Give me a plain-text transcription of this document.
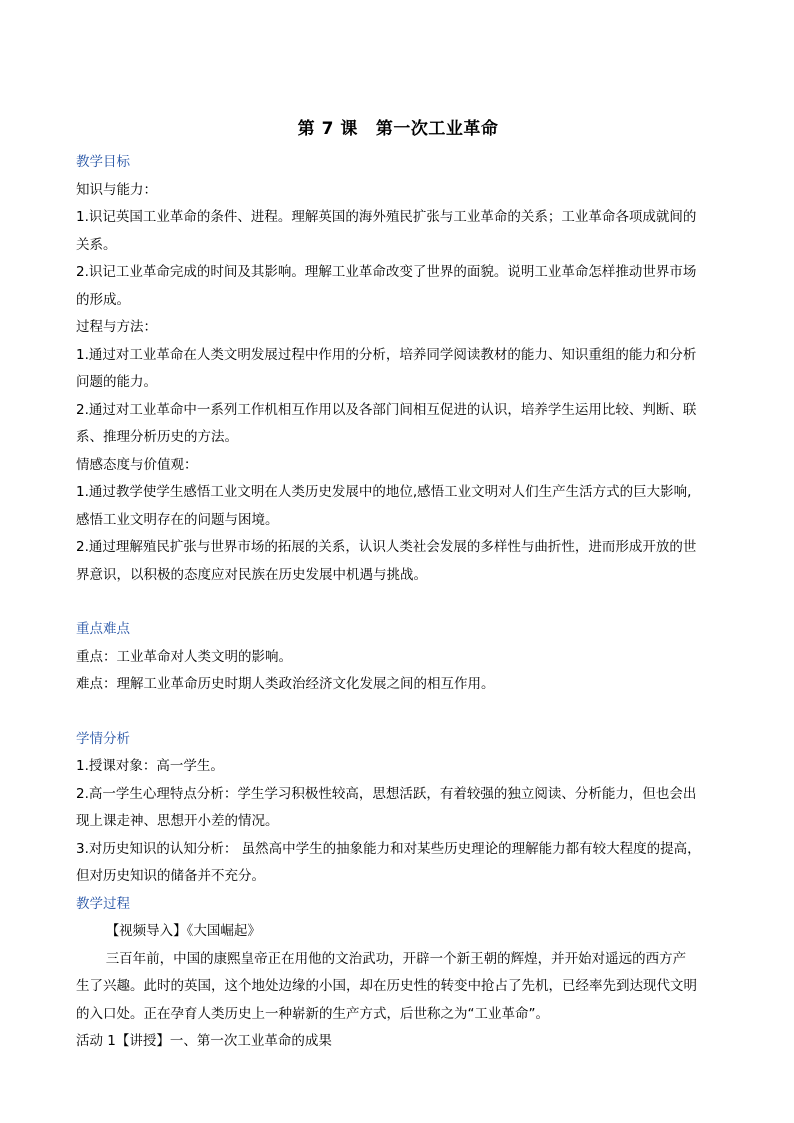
第 7 课 第一次工业革命

教学目标

知识与能力：

1.识记英国工业革命的条件、进程。理解英国的海外殖民扩张与工业革命的关系；工业革命各项成就间的

关系。

2.识记工业革命完成的时间及其影响。理解工业革命改变了世界的面貌。说明工业革命怎样推动世界市场

的形成。

过程与方法：

1.通过对工业革命在人类文明发展过程中作用的分析，培养同学阅读教材的能力、知识重组的能力和分析

问题的能力。

2.通过对工业革命中一系列工作机相互作用以及各部门间相互促进的认识，培养学生运用比较、判断、联

系、推理分析历史的方法。

情感态度与价值观：

1.通过教学使学生感悟工业文明在人类历史发展中的地位,感悟工业文明对人们生产生活方式的巨大影响,

感悟工业文明存在的问题与困境。

2.通过理解殖民扩张与世界市场的拓展的关系，认识人类社会发展的多样性与曲折性，进而形成开放的世

界意识，以积极的态度应对民族在历史发展中机遇与挑战。

重点难点

重点：工业革命对人类文明的影响。

难点：理解工业革命历史时期人类政治经济文化发展之间的相互作用。

学情分析

1.授课对象：高一学生。

2.高一学生心理特点分析：学生学习积极性较高，思想活跃，有着较强的独立阅读、分析能力，但也会出

现上课走神、思想开小差的情况。

3.对历史知识的认知分析： 虽然高中学生的抽象能力和对某些历史理论的理解能力都有较大程度的提高，

但对历史知识的储备并不充分。

教学过程

【视频导入】《大国崛起》

三百年前，中国的康熙皇帝正在用他的文治武功，开辟一个新王朝的辉煌，并开始对遥远的西方产

生了兴趣。此时的英国，这个地处边缘的小国，却在历史性的转变中抢占了先机，已经率先到达现代文明

的入口处。正在孕育人类历史上一种崭新的生产方式，后世称之为“工业革命”。

活动 1【讲授】一、第一次工业革命的成果
